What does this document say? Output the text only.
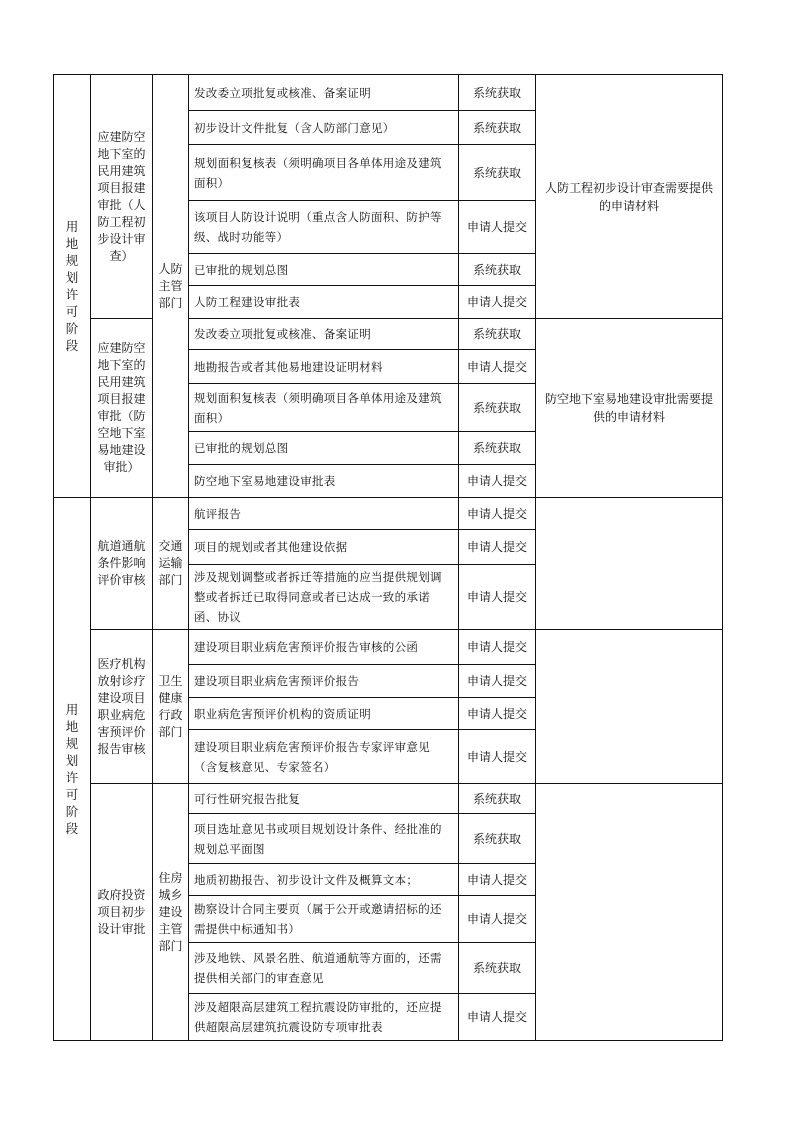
用地规划许可阶段	应建防空地下室的民用建筑项目报建审批（人防工程初步设计审查）	人防主管部门	发改委立项批复或核准、备案证明	系统获取	人防工程初步设计审查需要提供的申请材料
			初步设计文件批复（含人防部门意见）	系统获取	
			规划面积复核表（须明确项目各单体用途及建筑面积）	系统获取	
			该项目人防设计说明（重点含人防面积、防护等级、战时功能等）	申请人提交	
			已审批的规划总图	系统获取	
			人防工程建设审批表	申请人提交	
	应建防空地下室的民用建筑项目报建审批（防空地下室易地建设审批）		发改委立项批复或核准、备案证明	系统获取	防空地下室易地建设审批需要提供的申请材料
			地勘报告或者其他易地建设证明材料	申请人提交	
			规划面积复核表（须明确项目各单体用途及建筑面积）	系统获取	
			已审批的规划总图	系统获取	
			防空地下室易地建设审批表	申请人提交	
用地规划许可阶段	航道通航条件影响评价审核	交通运输部门	航评报告	申请人提交	
			项目的规划或者其他建设依据	申请人提交	
			涉及规划调整或者拆迁等措施的应当提供规划调整或者拆迁已取得同意或者已达成一致的承诺函、协议	申请人提交	
	医疗机构放射诊疗建设项目职业病危害预评价报告审核	卫生健康行政部门	建设项目职业病危害预评价报告审核的公函	申请人提交	
			建设项目职业病危害预评价报告	申请人提交	
			职业病危害预评价机构的资质证明	申请人提交	
			建设项目职业病危害预评价报告专家评审意见（含复核意见、专家签名）	申请人提交	
	政府投资项目初步设计审批	住房城乡建设主管部门	可行性研究报告批复	系统获取	
			项目选址意见书或项目规划设计条件、经批准的规划总平面图	系统获取	
			地质初勘报告、初步设计文件及概算文本；	申请人提交	
			勘察设计合同主要页（属于公开或邀请招标的还需提供中标通知书）	申请人提交	
			涉及地铁、风景名胜、航道通航等方面的，还需提供相关部门的审查意见	系统获取	
			涉及超限高层建筑工程抗震设防审批的，还应提供超限高层建筑抗震设防专项审批表	申请人提交	
